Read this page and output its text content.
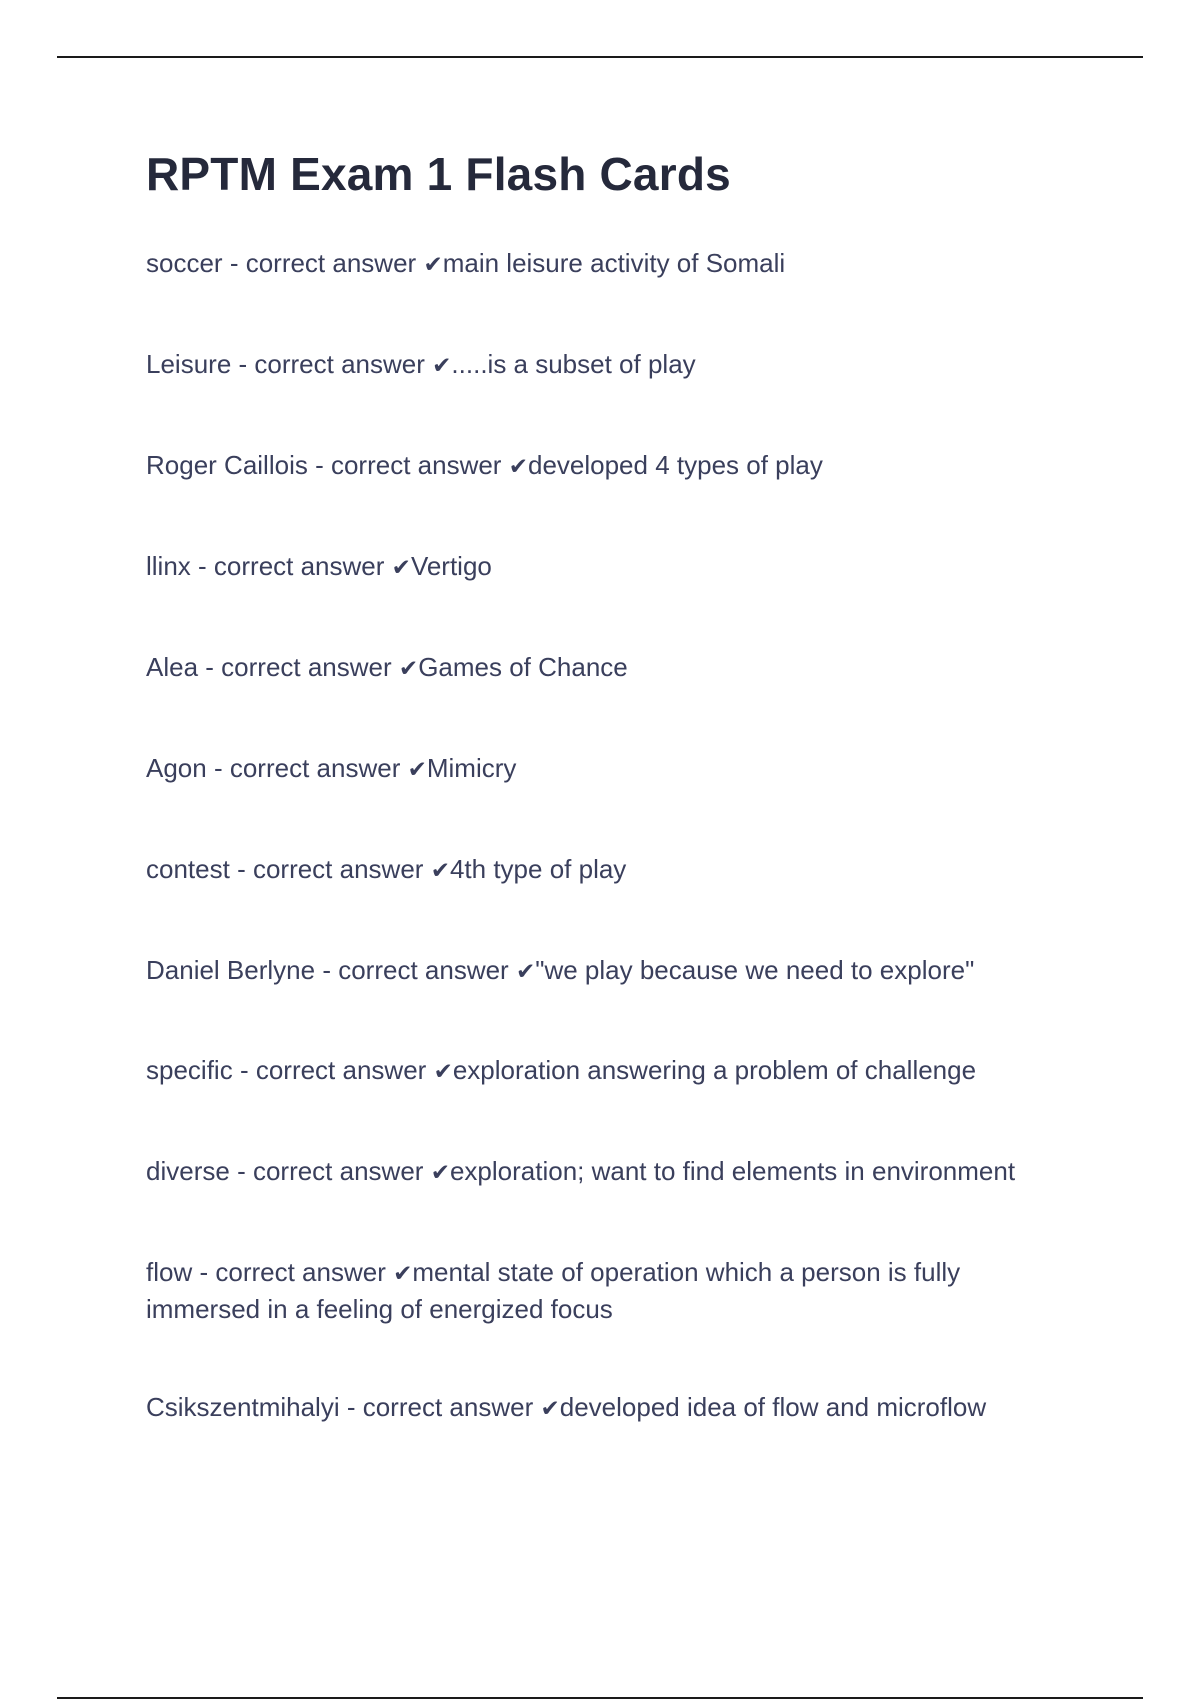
RPTM Exam 1 Flash Cards
soccer - correct answer ✔main leisure activity of Somali
Leisure - correct answer ✔.....is a subset of play
Roger Caillois - correct answer ✔developed 4 types of play
llinx - correct answer ✔Vertigo
Alea - correct answer ✔Games of Chance
Agon - correct answer ✔Mimicry
contest - correct answer ✔4th type of play
Daniel Berlyne - correct answer ✔"we play because we need to explore"
specific - correct answer ✔exploration answering a problem of challenge
diverse - correct answer ✔exploration; want to find elements in environment
flow - correct answer ✔mental state of operation which a person is fully immersed in a feeling of energized focus
Csikszentmihalyi - correct answer ✔developed idea of flow and microflow
